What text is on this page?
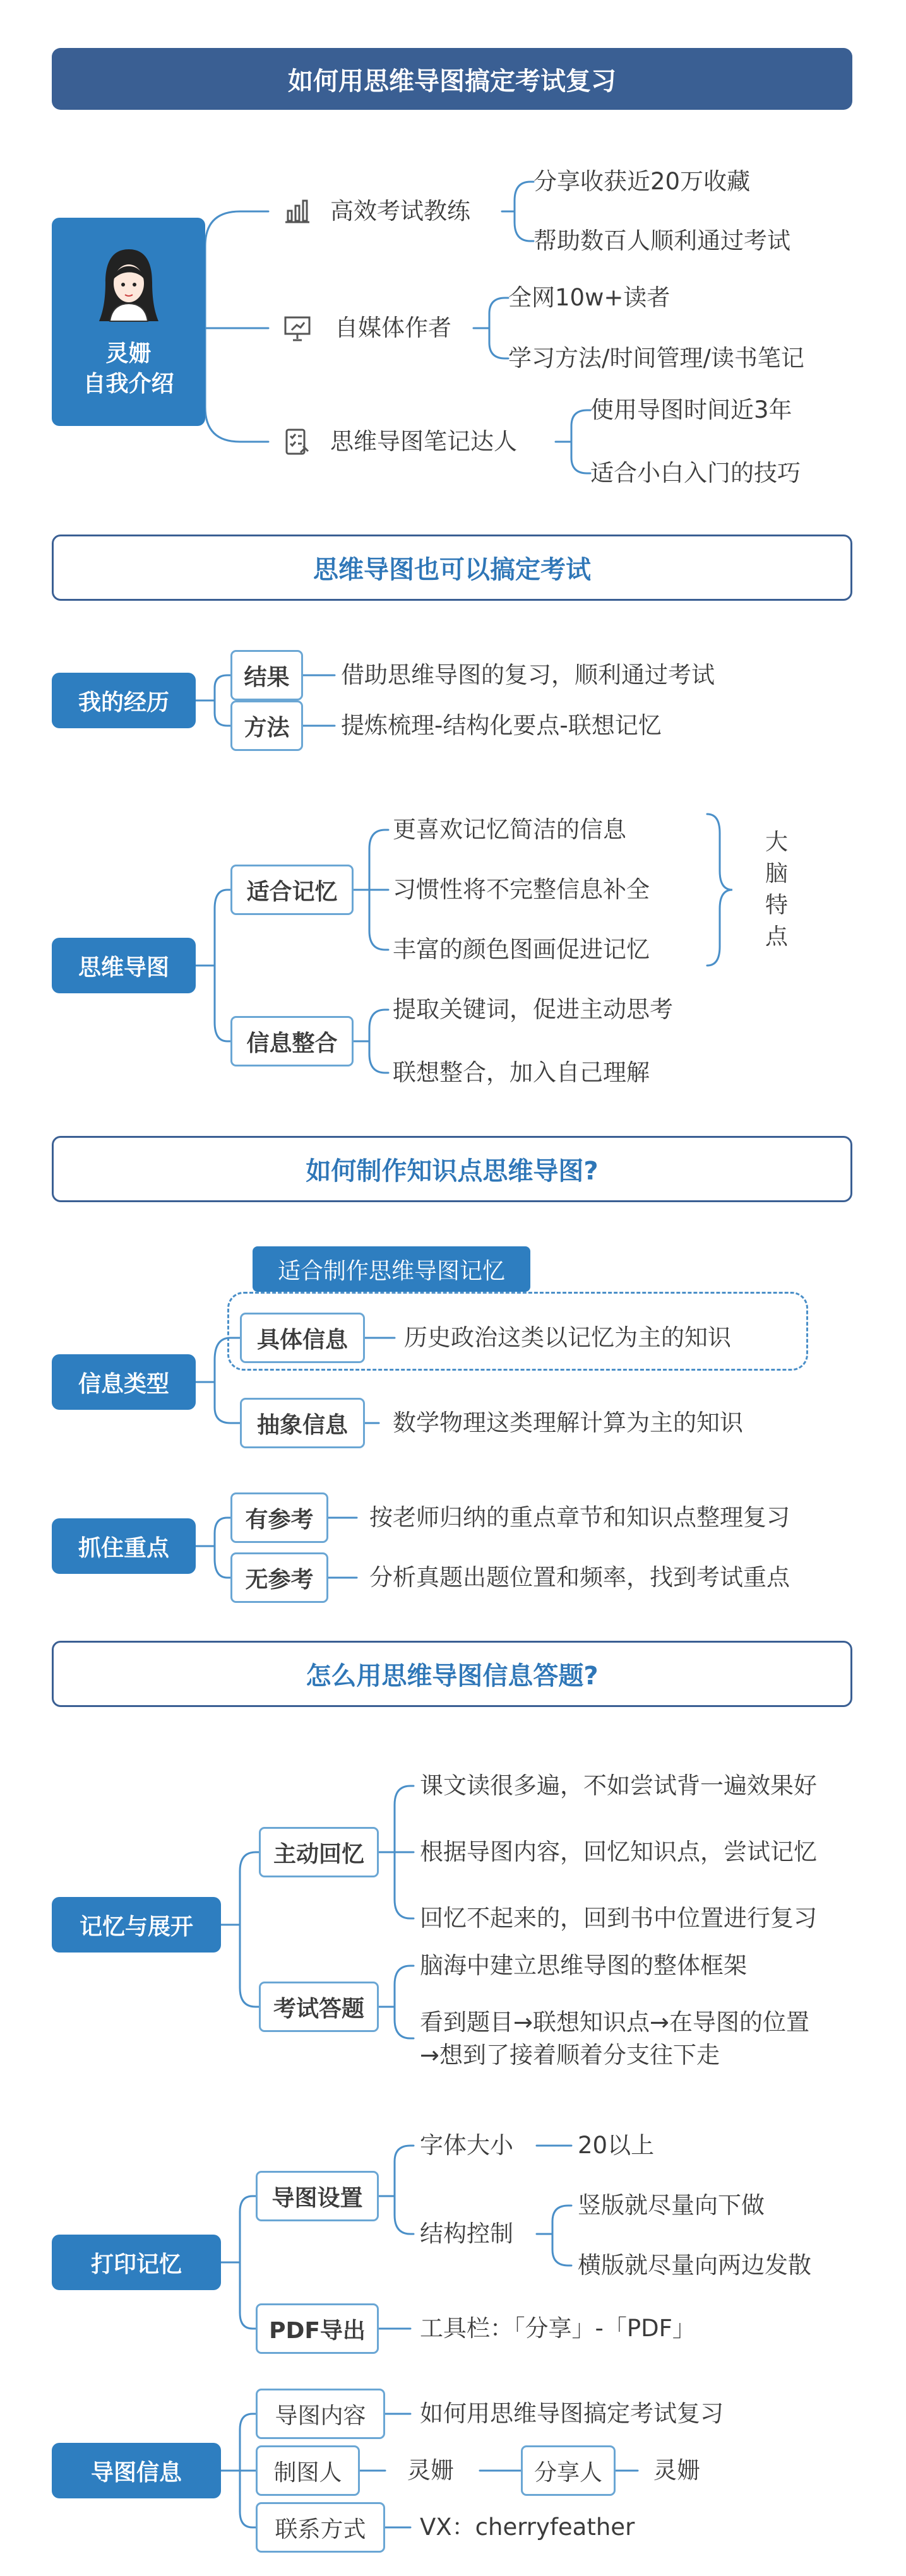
如何用思维导图搞定考试复习
灵姗
自我介绍
高效考试教练
分享收获近20万收藏
帮助数百人顺利通过考试
自媒体作者
全网10w+读者
学习方法/时间管理/读书笔记
思维导图笔记达人
使用导图时间近3年
适合小白入门的技巧
思维导图也可以搞定考试
我的经历
结果	借助思维导图的复习，顺利通过考试
方法	提炼梳理-结构化要点-联想记忆
思维导图
适合记忆
更喜欢记忆简洁的信息
习惯性将不完整信息补全
丰富的颜色图画促进记忆
大脑特点
信息整合
提取关键词，促进主动思考
联想整合，加入自己理解
如何制作知识点思维导图?
信息类型
适合制作思维导图记忆
具体信息	历史政治这类以记忆为主的知识
抽象信息	数学物理这类理解计算为主的知识
抓住重点
有参考	按老师归纳的重点章节和知识点整理复习
无参考	分析真题出题位置和频率，找到考试重点
怎么用思维导图信息答题?
记忆与展开
主动回忆
课文读很多遍，不如尝试背一遍效果好
根据导图内容，回忆知识点，尝试记忆
回忆不起来的，回到书中位置进行复习
考试答题
脑海中建立思维导图的整体框架
看到题目→联想知识点→在导图的位置
→想到了接着顺着分支往下走
打印记忆
导图设置
字体大小	20以上
结构控制
竖版就尽量向下做
横版就尽量向两边发散
PDF导出	工具栏：「分享」-「PDF」
导图信息
导图内容	如何用思维导图搞定考试复习
制图人	灵姗	分享人	灵姗
联系方式	VX：cherryfeather
